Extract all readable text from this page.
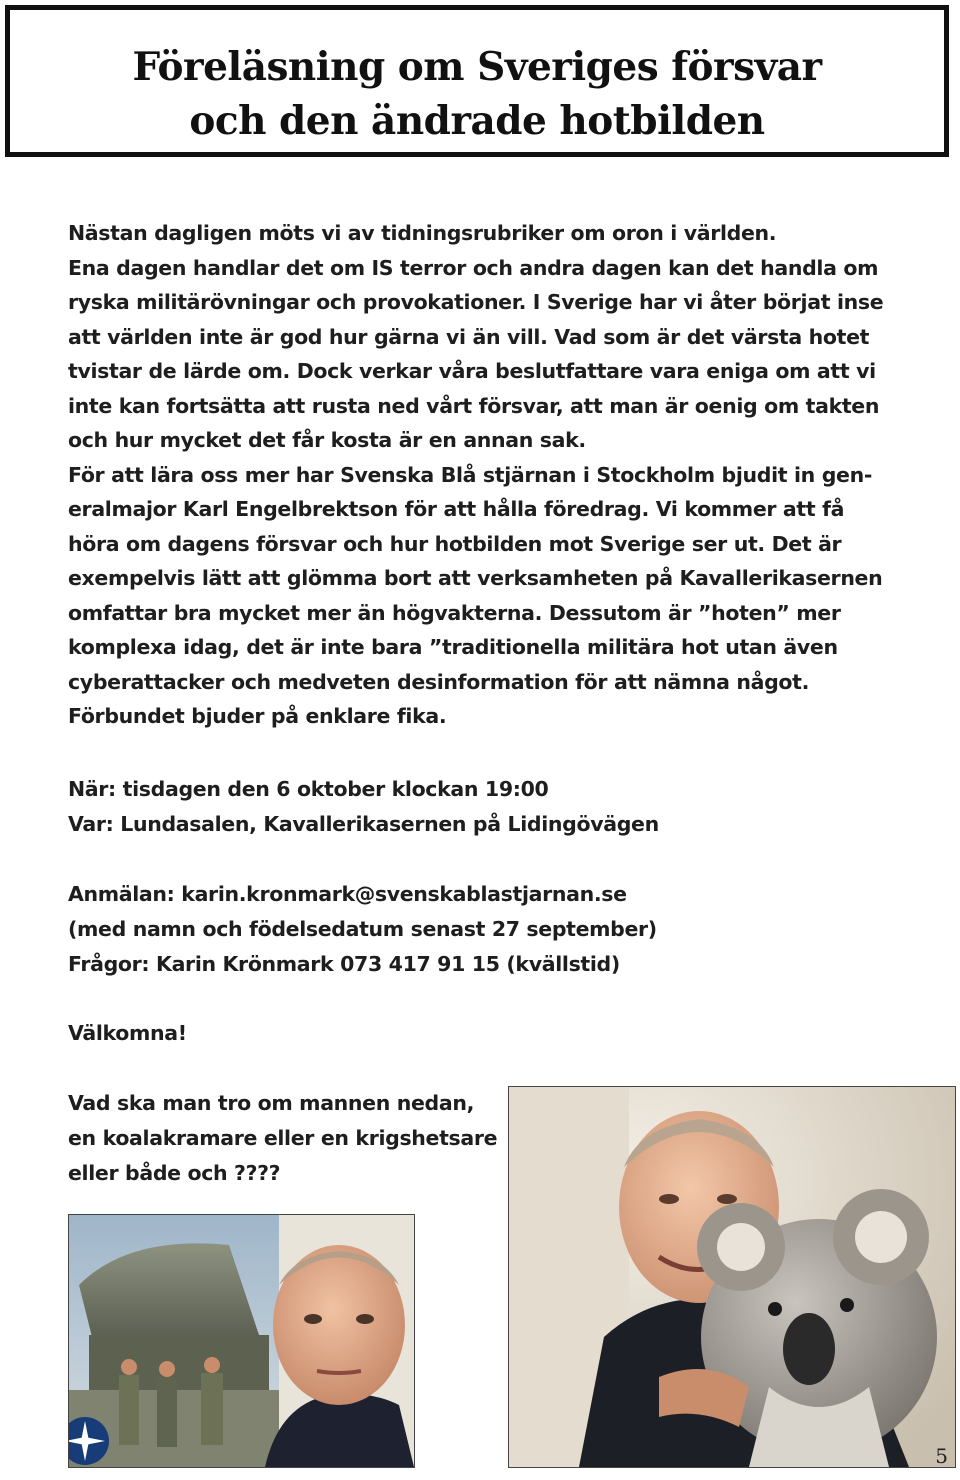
Föreläsning om Sveriges försvar
och den ändrade hotbilden
Nästan dagligen möts vi av tidningsrubriker om oron i världen.
Ena dagen handlar det om IS terror och andra dagen kan det handla om
ryska militärövningar och provokationer. I Sverige har vi åter börjat inse
att världen inte är god hur gärna vi än vill. Vad som är det värsta hotet
tvistar de lärde om. Dock verkar våra beslutfattare vara eniga om att vi
inte kan fortsätta att rusta ned vårt försvar, att man är oenig om takten
och hur mycket det får kosta är en annan sak.
För att lära oss mer har Svenska Blå stjärnan i Stockholm bjudit in gen-
eralmajor Karl Engelbrektson för att hålla föredrag. Vi kommer att få
höra om dagens försvar och hur hotbilden mot Sverige ser ut. Det är
exempelvis lätt att glömma bort att verksamheten på Kavallerikasernen
omfattar bra mycket mer än högvakterna. Dessutom är ”hoten” mer
komplexa idag, det är inte bara ”traditionella militära hot utan även
cyberattacker och medveten desinformation för att nämna något.
Förbundet bjuder på enklare fika.
När: tisdagen den 6 oktober klockan 19:00
Var: Lundasalen, Kavallerikasernen på Lidingövägen
Anmälan: karin.kronmark@svenskablastjarnan.se
(med namn och födelsedatum senast 27 september)
Frågor: Karin Krönmark 073 417 91 15 (kvällstid)
Välkomna!
Vad ska man tro om mannen nedan,
en koalakramare eller en krigshetsare
eller både och ????
5
